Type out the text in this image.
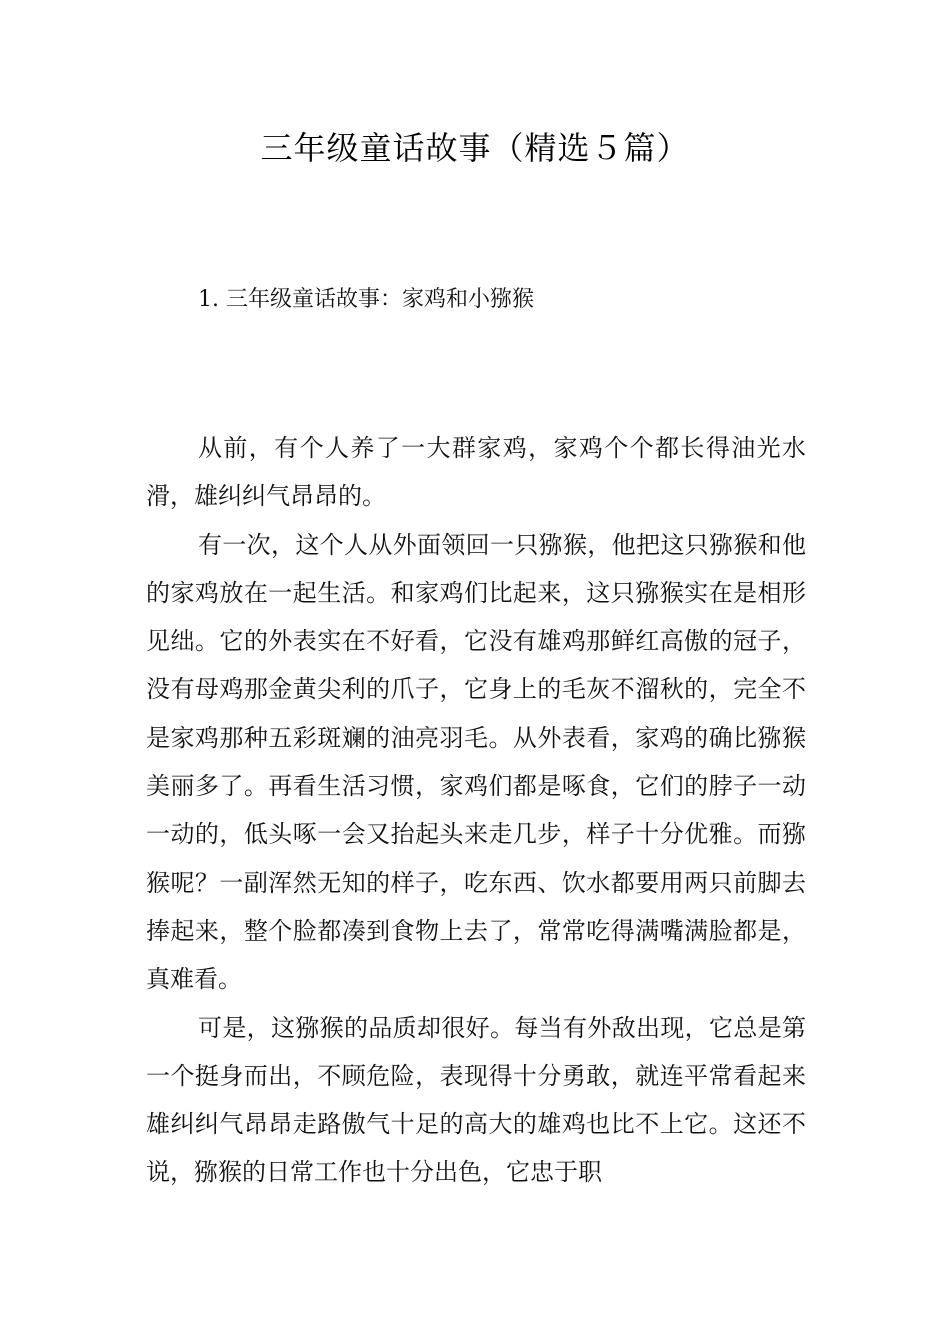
三年级童话故事（精选５篇）
1. 三年级童话故事：家鸡和小猕猴

从前，有个人养了一大群家鸡，家鸡个个都长得油光水滑，雄纠纠气昂昂的。

有一次，这个人从外面领回一只猕猴，他把这只猕猴和他的家鸡放在一起生活。和家鸡们比起来，这只猕猴实在是相形见绌。它的外表实在不好看，它没有雄鸡那鲜红高傲的冠子，没有母鸡那金黄尖利的爪子，它身上的毛灰不溜秋的，完全不是家鸡那种五彩斑斓的油亮羽毛。从外表看，家鸡的确比猕猴美丽多了。再看生活习惯，家鸡们都是啄食，它们的脖子一动一动的，低头啄一会又抬起头来走几步，样子十分优雅。而猕猴呢？一副浑然无知的样子，吃东西、饮水都要用两只前脚去捧起来，整个脸都凑到食物上去了，常常吃得满嘴满脸都是，真难看。

可是，这猕猴的品质却很好。每当有外敌出现，它总是第一个挺身而出，不顾危险，表现得十分勇敢，就连平常看起来雄纠纠气昂昂走路傲气十足的高大的雄鸡也比不上它。这还不说，猕猴的日常工作也十分出色，它忠于职
